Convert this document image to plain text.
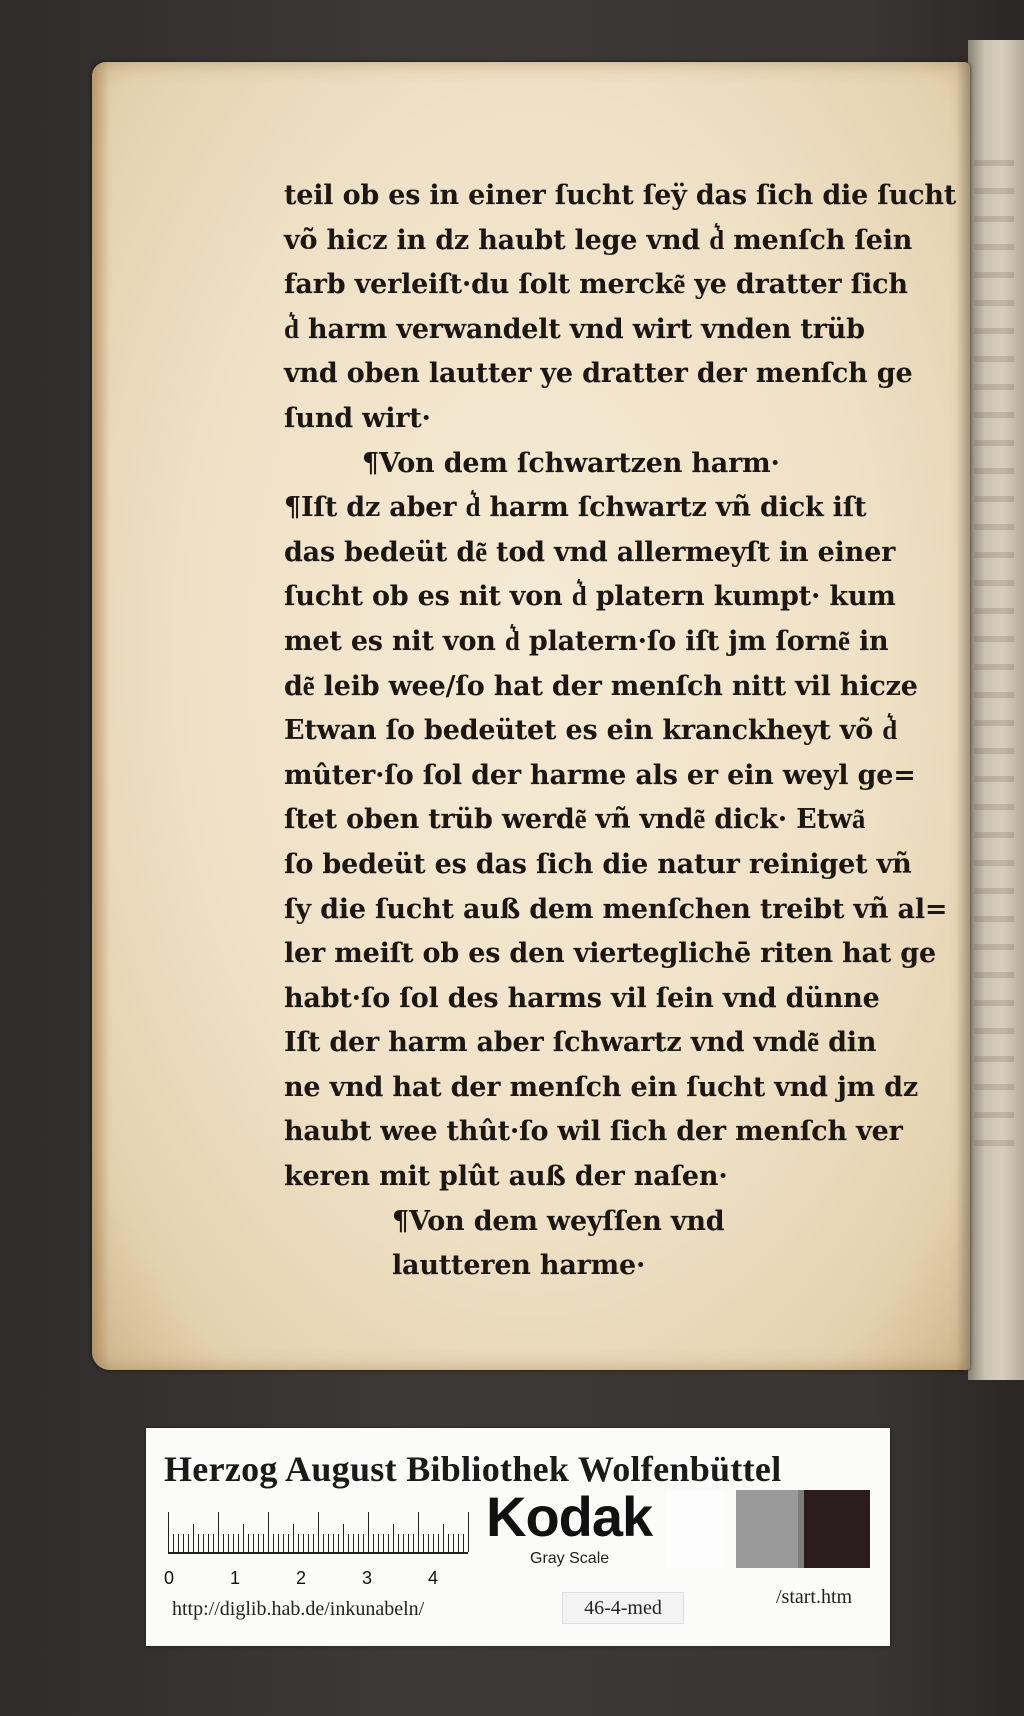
teil ob es in einer ſucht ſeÿ das ſich die ſucht
võ hicz in dz haubt lege vnd d͛ menſch ſein
farb verleiſt·du ſolt mercke͂ ye dratter ſich
d͛ harm verwandelt vnd wirt vnden trüb
vnd oben lautter ye dratter der menſch ge
ſund wirt·
¶Von dem ſchwartzen harm·
¶Iſt dz aber d͛ harm ſchwartz vñ dick iſt
das bedeüt de͂ tod vnd allermeyſt in einer
ſucht ob es nit von d͛ platern kumpt· kum
met es nit von d͛ platern·ſo iſt jm ſorne͂ in
de͂ leib wee/ſo hat der menſch nitt vil hicze
Etwan ſo bedeütet es ein kranckheyt võ d͛
mûter·ſo ſol der harme als er ein weyl ge=
ſtet oben trüb werde͂ vñ vnde͂ dick· Etwa͂
ſo bedeüt es das ſich die natur reiniget vñ
ſy die ſucht auß dem menſchen treibt vñ al=
ler meiſt ob es den vierteglichē riten hat ge
habt·ſo ſol des harms vil ſein vnd dünne
Iſt der harm aber ſchwartz vnd vnde͂ din
ne vnd hat der menſch ein ſucht vnd jm dz
haubt wee thût·ſo wil ſich der menſch ver
keren mit plût auß der naſen·
¶Von dem weyſſen vnd
lautteren harme·
Herzog August Bibliothek Wolfenbüttel
0	1	2	3	4
Kodak
Gray Scale
http://diglib.hab.de/inkunabeln/	46-4-med	/start.htm
